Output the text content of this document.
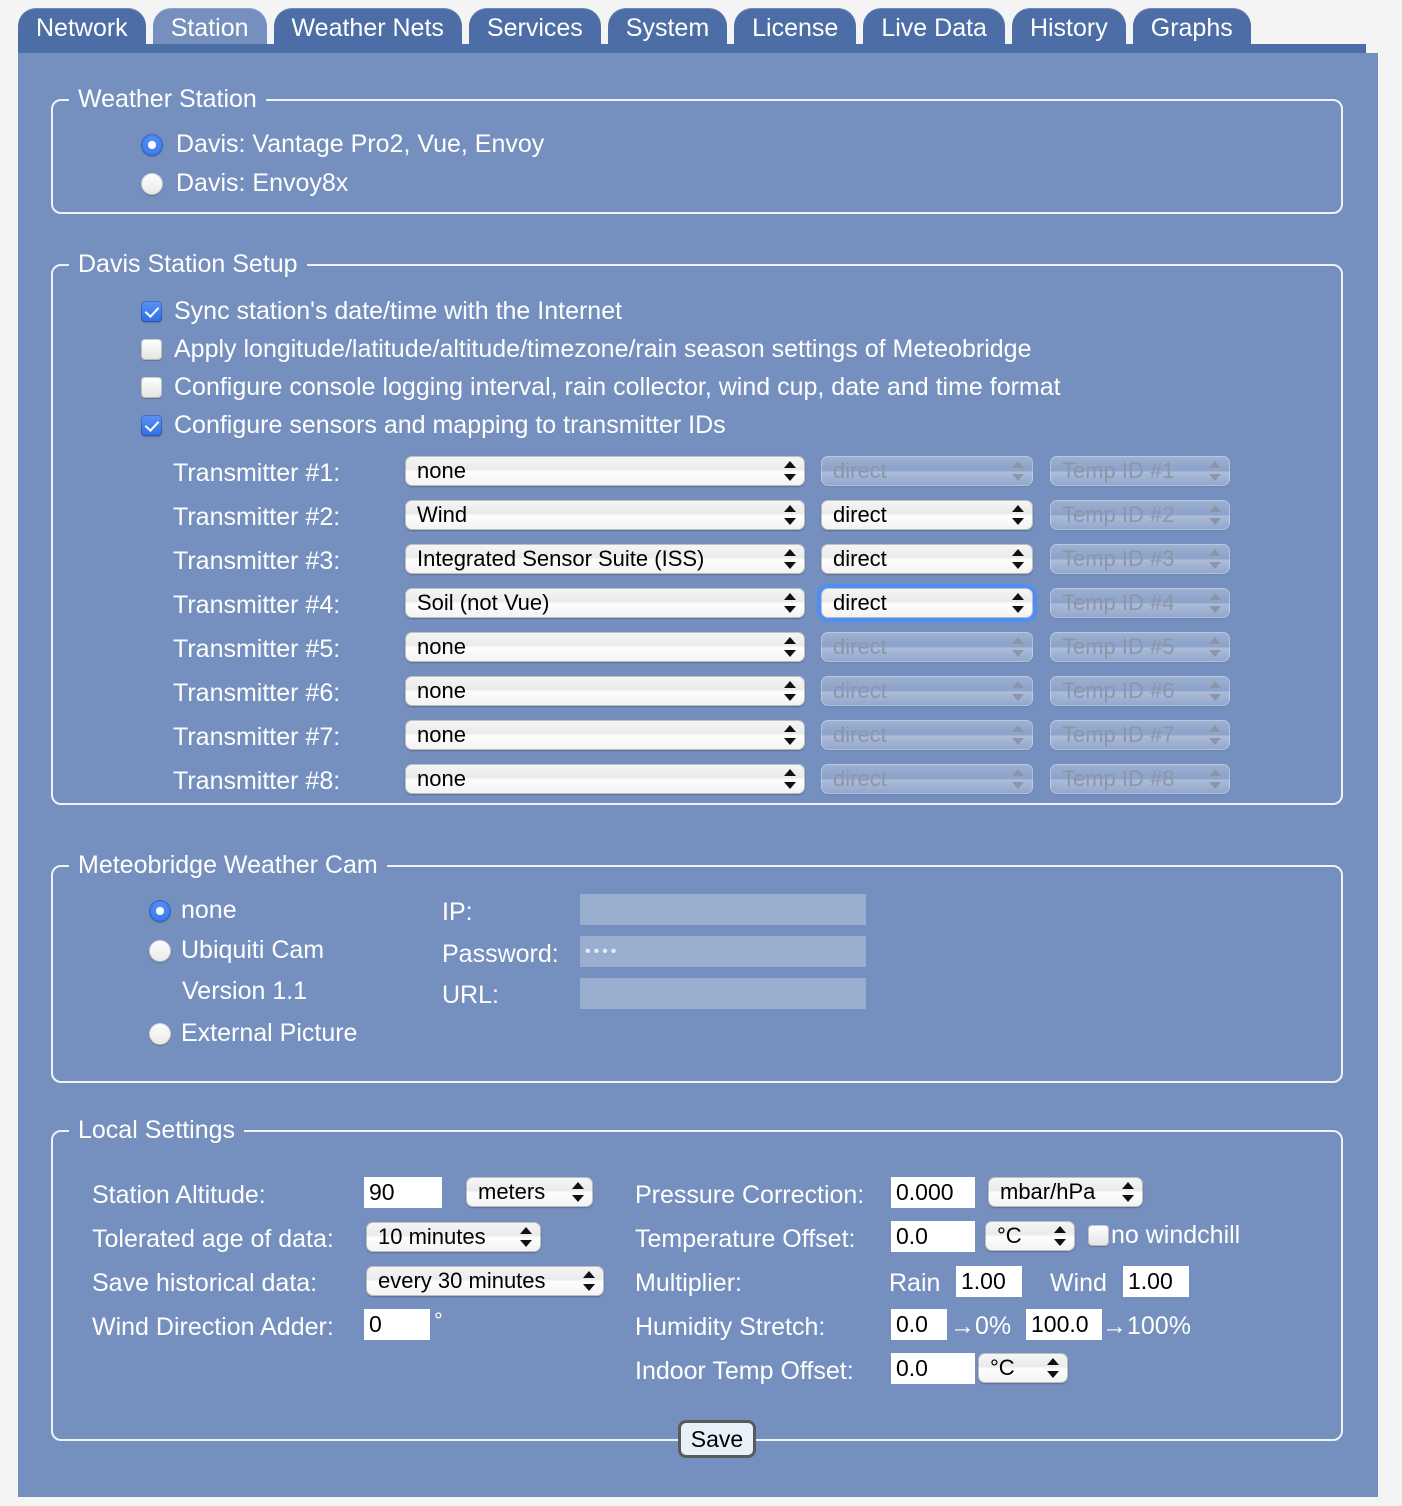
Network Station Weather Nets Services System License Live Data History Graphs
Weather Station
Davis: Vantage Pro2, Vue, Envoy
Davis: Envoy8x
Davis Station Setup
Sync station's date/time with the Internet
Apply longitude/latitude/altitude/timezone/rain season settings of Meteobridge
Configure console logging interval, rain collector, wind cup, date and time format
Configure sensors and mapping to transmitter IDs
Transmitter #1:	none	direct	Temp ID #1
Transmitter #2:	Wind	direct	Temp ID #2
Transmitter #3:	Integrated Sensor Suite (ISS)	direct	Temp ID #3
Transmitter #4:	Soil (not Vue)	direct	Temp ID #4
Transmitter #5:	none	direct	Temp ID #5
Transmitter #6:	none	direct	Temp ID #6
Transmitter #7:	none	direct	Temp ID #7
Transmitter #8:	none	direct	Temp ID #8
Meteobridge Weather Cam
none
Ubiquiti Cam
Version 1.1
External Picture
IP:
Password:	••••
URL:
Local Settings
Station Altitude:	90	meters
Tolerated age of data: 10 minutes
Save historical data:	every 30 minutes
Wind Direction Adder: 0	°
Pressure Correction: 0.000	mbar/hPa
Temperature Offset: 0.0	°C	no windchill
Multiplier:	Rain 1.00	Wind 1.00
Humidity Stretch:	0.0 →0% 100.0 →100%
Indoor Temp Offset: 0.0	°C
Save
